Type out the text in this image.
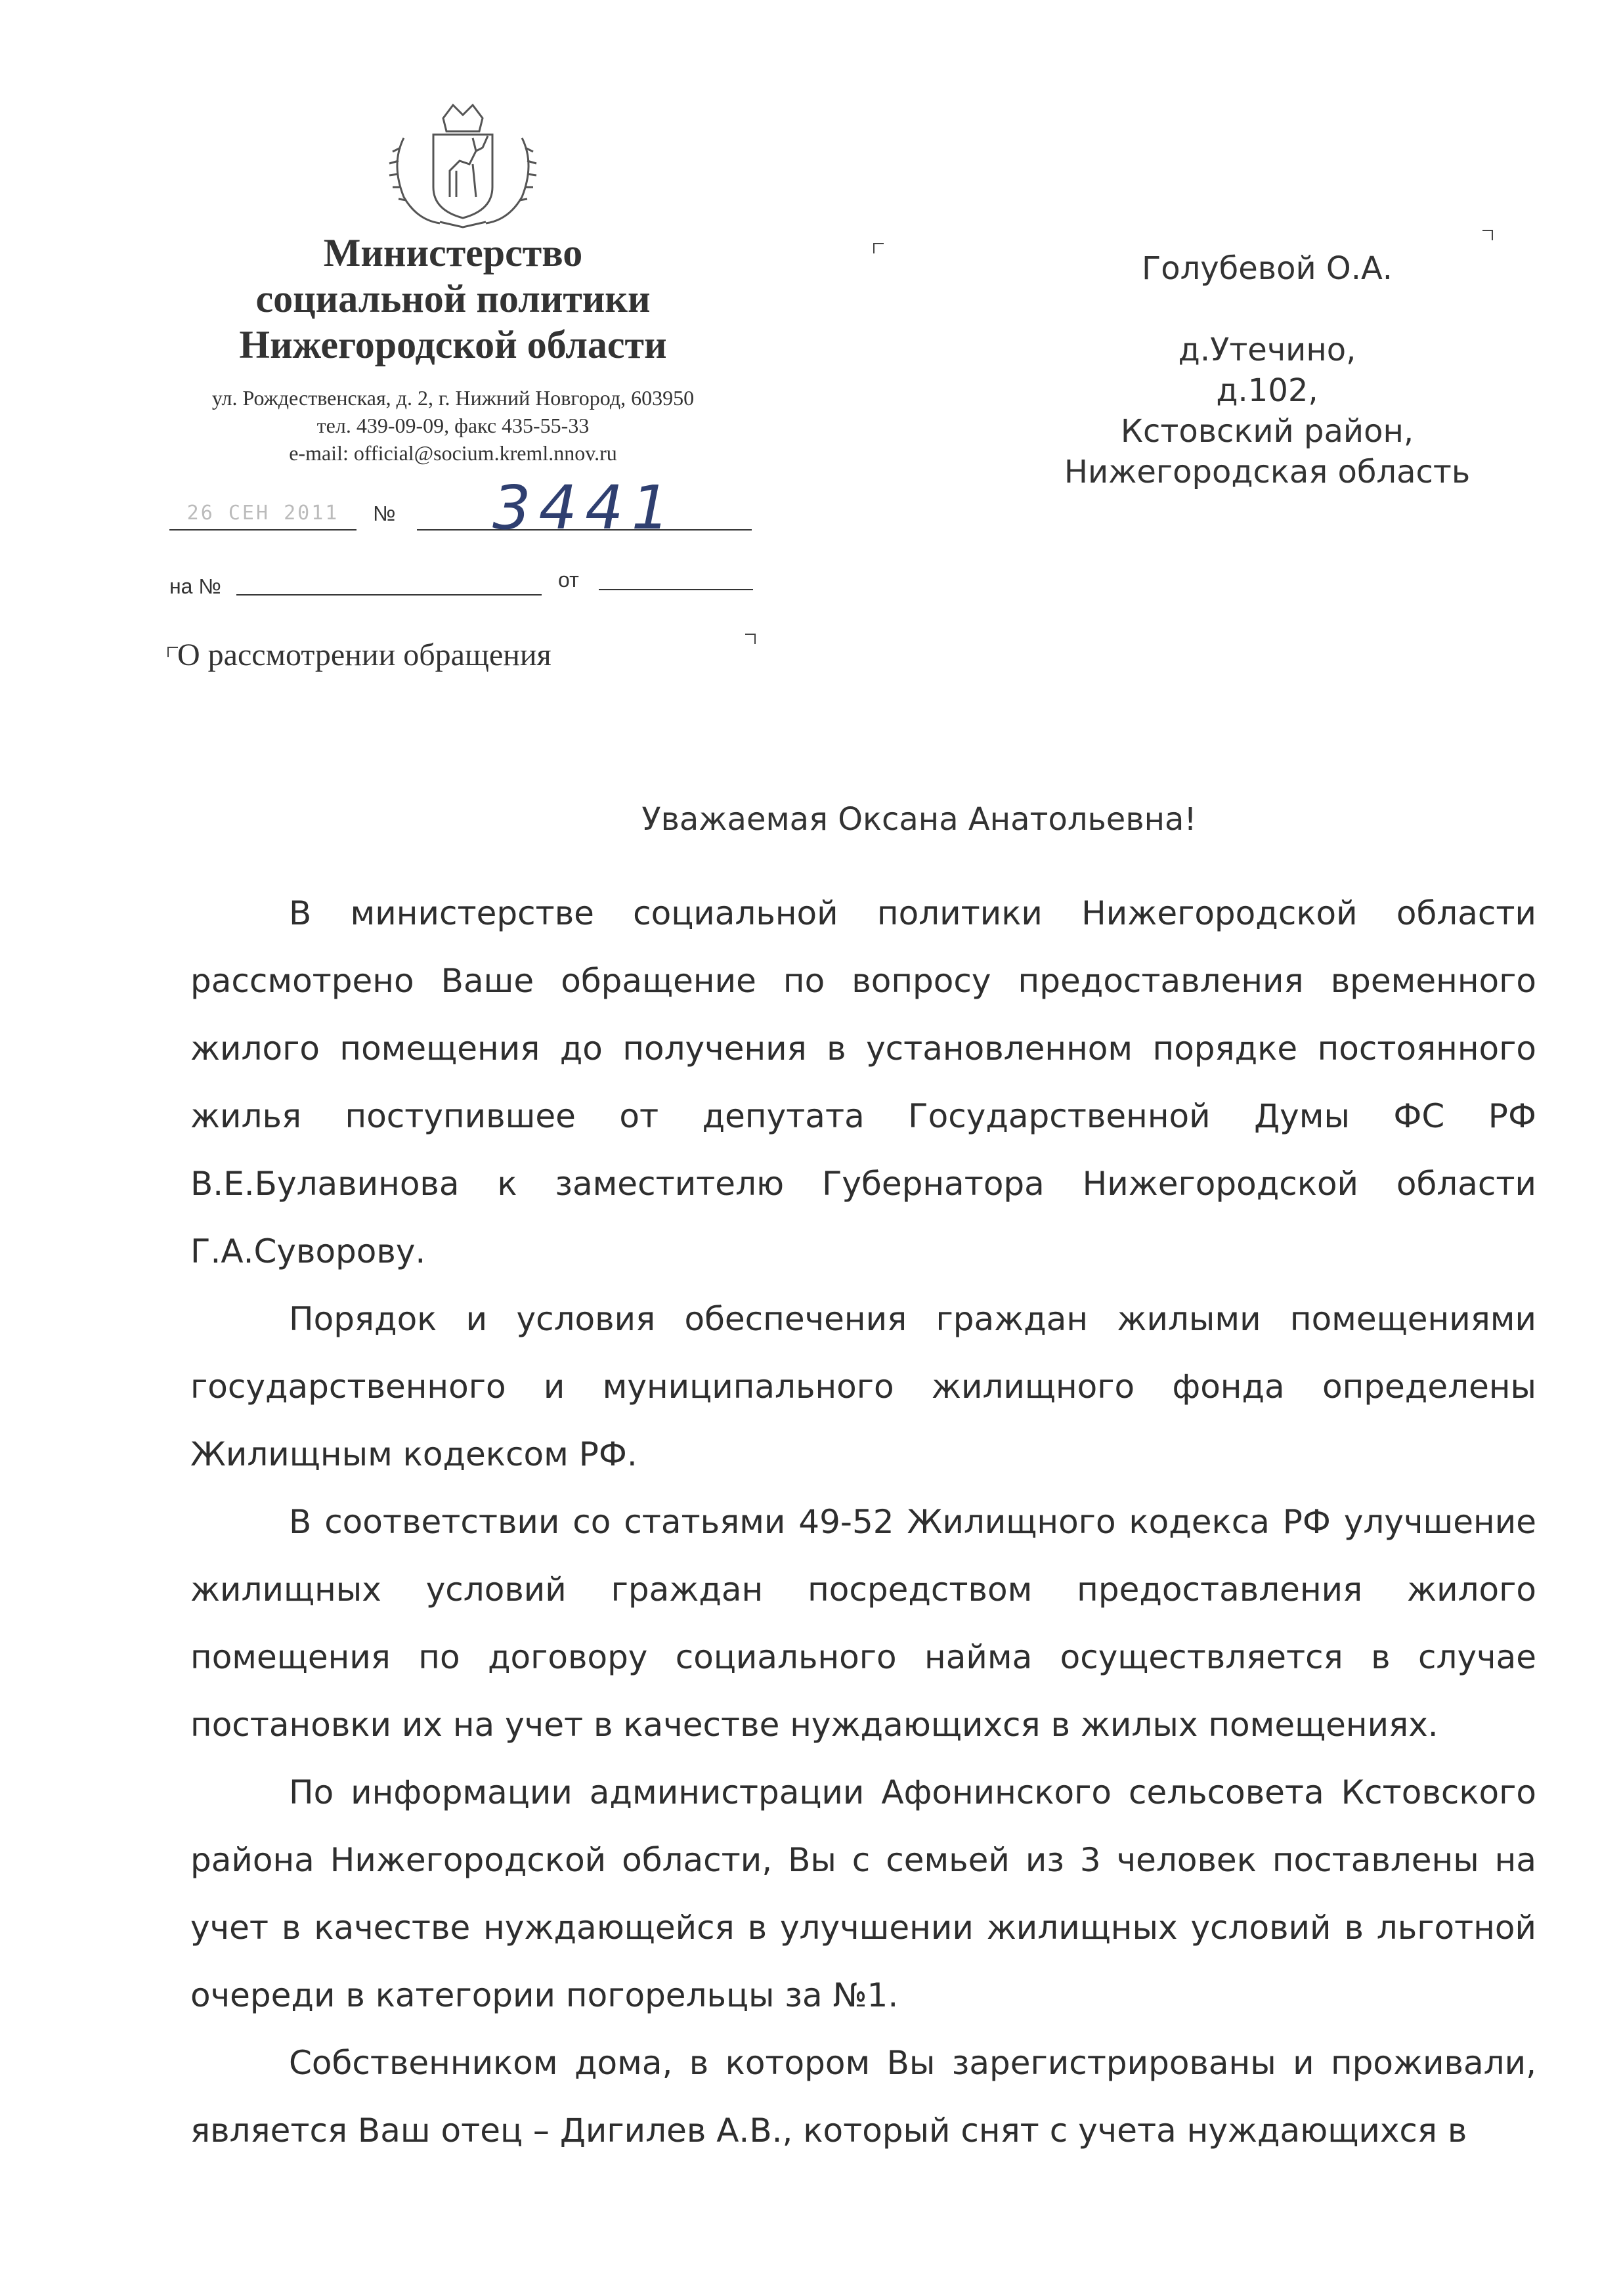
Министерство
социальной политики
Нижегородской области
ул. Рождественская, д. 2, г. Нижний Новгород, 603950
тел. 439-09-09, факс 435-55-33
e-mail: official@socium.kreml.nnov.ru
26 СЕН 2011	№ 3441
на №	от
О рассмотрении обращения
Голубевой О.А.
д.Утечино,
д.102,
Кстовский район,
Нижегородская область
Уважаемая Оксана Анатольевна!

В министерстве социальной политики Нижегородской области рассмотрено Ваше обращение по вопросу предоставления временного жилого помещения до получения в установленном порядке постоянного жилья поступившее от депутата Государственной Думы ФС РФ В.Е.Булавинова к заместителю Губернатора Нижегородской области Г.А.Суворову.

Порядок и условия обеспечения граждан жилыми помещениями государственного и муниципального жилищного фонда определены Жилищным кодексом РФ.

В соответствии со статьями 49-52 Жилищного кодекса РФ улучшение жилищных условий граждан посредством предоставления жилого помещения по договору социального найма осуществляется в случае постановки их на учет в качестве нуждающихся в жилых помещениях.

По информации администрации Афонинского сельсовета Кстовского района Нижегородской области, Вы с семьей из 3 человек поставлены на учет в качестве нуждающейся в улучшении жилищных условий в льготной очереди в категории погорельцы за №1.

Собственником дома, в котором Вы зарегистрированы и проживали, является Ваш отец – Дигилев А.В., который снят с учета нуждающихся в
